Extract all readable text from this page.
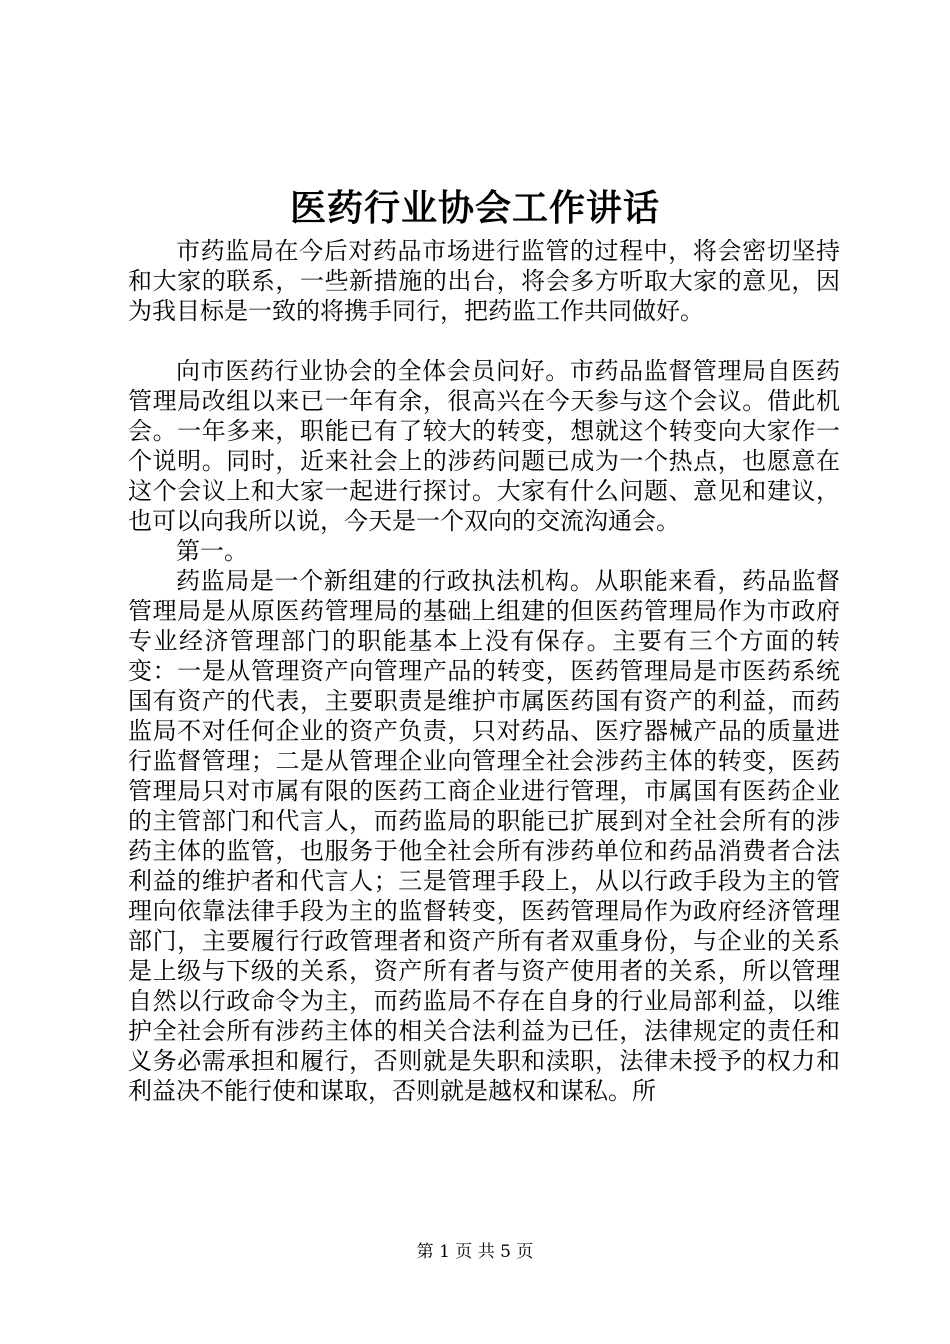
医药行业协会工作讲话

市药监局在今后对药品市场进行监管的过程中，将会密切坚持和大家的联系，一些新措施的出台，将会多方听取大家的意见，因为我目标是一致的将携手同行，把药监工作共同做好。

向市医药行业协会的全体会员问好。市药品监督管理局自医药管理局改组以来已一年有余，很高兴在今天参与这个会议。借此机会。一年多来，职能已有了较大的转变，想就这个转变向大家作一个说明。同时，近来社会上的涉药问题已成为一个热点，也愿意在这个会议上和大家一起进行探讨。大家有什么问题、意见和建议，也可以向我所以说，今天是一个双向的交流沟通会。

第一。

药监局是一个新组建的行政执法机构。从职能来看，药品监督管理局是从原医药管理局的基础上组建的但医药管理局作为市政府专业经济管理部门的职能基本上没有保存。主要有三个方面的转变：一是从管理资产向管理产品的转变，医药管理局是市医药系统国有资产的代表，主要职责是维护市属医药国有资产的利益，而药监局不对任何企业的资产负责，只对药品、医疗器械产品的质量进行监督管理；二是从管理企业向管理全社会涉药主体的转变，医药管理局只对市属有限的医药工商企业进行管理，市属国有医药企业的主管部门和代言人，而药监局的职能已扩展到对全社会所有的涉药主体的监管，也服务于他全社会所有涉药单位和药品消费者合法利益的维护者和代言人；三是管理手段上，从以行政手段为主的管理向依靠法律手段为主的监督转变，医药管理局作为政府经济管理部门，主要履行行政管理者和资产所有者双重身份，与企业的关系是上级与下级的关系，资产所有者与资产使用者的关系，所以管理自然以行政命令为主，而药监局不存在自身的行业局部利益，以维护全社会所有涉药主体的相关合法利益为已任，法律规定的责任和义务必需承担和履行，否则就是失职和渎职，法律未授予的权力和利益决不能行使和谋取，否则就是越权和谋私。所

第 1 页 共 5 页
